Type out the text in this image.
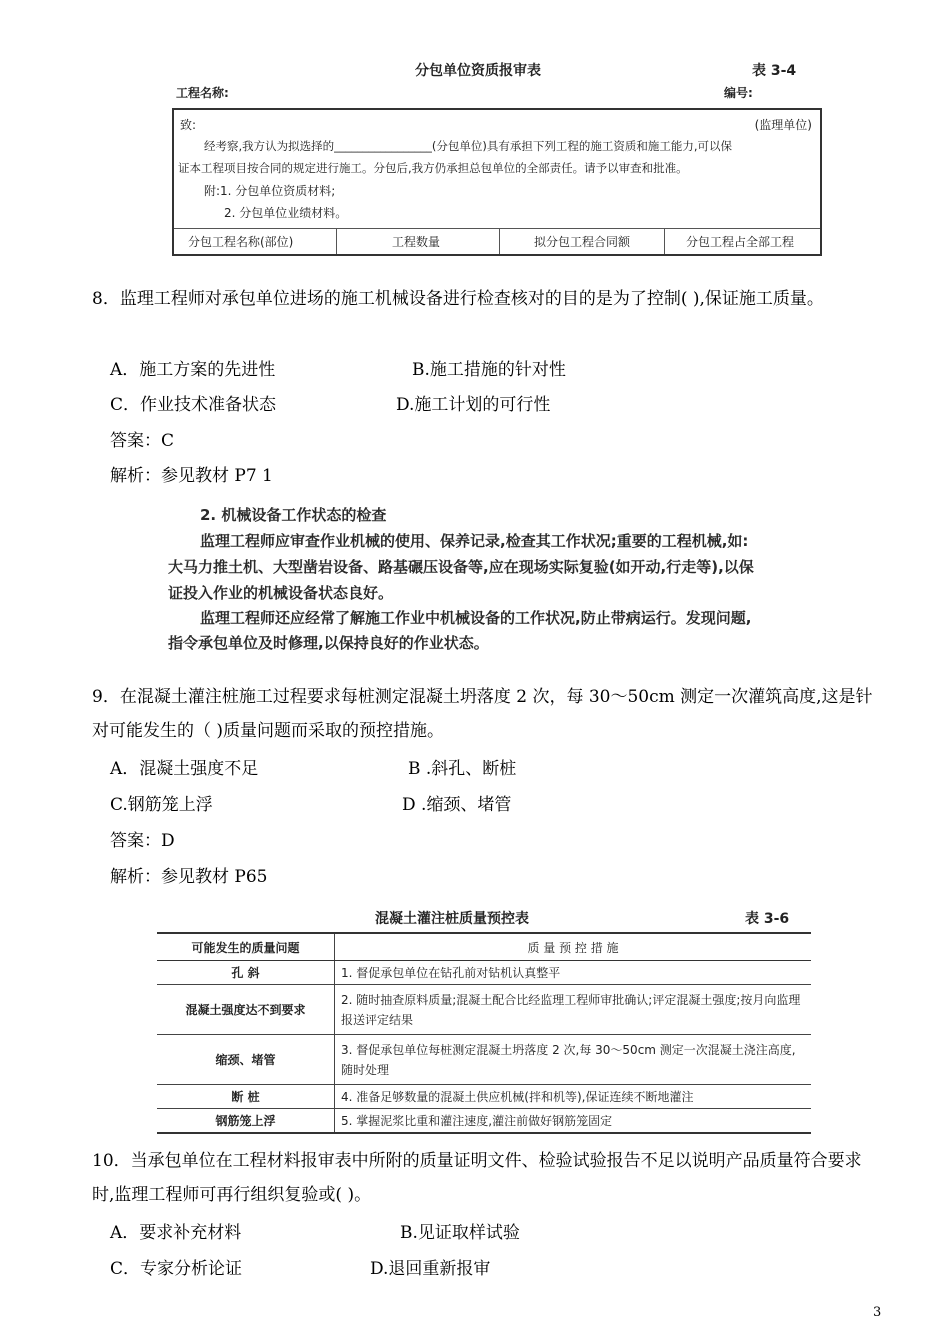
分包单位资质报审表	表 3-4
工程名称:	编号:
致:	(监理单位)
经考察,我方认为拟选择的_________________(分包单位)具有承担下列工程的施工资质和施工能力,可以保
证本工程项目按合同的规定进行施工。分包后,我方仍承担总包单位的全部责任。请予以审查和批准。
附:1. 分包单位资质材料;
2. 分包单位业绩材料。
分包工程名称(部位)	工程数量	拟分包工程合同额	分包工程占全部工程
8．监理工程师对承包单位进场的施工机械设备进行检查核对的目的是为了控制( ),保证施工质量。
A．施工方案的先进性	B.施工措施的针对性
C．作业技术准备状态	D.施工计划的可行性
答案：C
解析：参见教材 P7 1
2. 机械设备工作状态的检查
监理工程师应审查作业机械的使用、保养记录,检查其工作状况;重要的工程机械,如:
大马力推土机、大型凿岩设备、路基碾压设备等,应在现场实际复验(如开动,行走等),以保
证投入作业的机械设备状态良好。
监理工程师还应经常了解施工作业中机械设备的工作状况,防止带病运行。发现问题,
指令承包单位及时修理,以保持良好的作业状态。
9．在混凝土灌注桩施工过程要求每桩测定混凝土坍落度 2 次，每 30～50cm 测定一次灌筑高度,这是针对可能发生的（ )质量问题而采取的预控措施。
A．混凝土强度不足	B .斜孔、断桩
C.钢筋笼上浮	D .缩颈、堵管
答案：D
解析：参见教材 P65
混凝土灌注桩质量预控表	表 3-6
可能发生的质量问题	质 量 预 控 措 施
孔 斜	1. 督促承包单位在钻孔前对钻机认真整平
混凝土强度达不到要求	2. 随时抽查原料质量;混凝土配合比经监理工程师审批确认;评定混凝土强度;按月向监理报送评定结果
缩颈、堵管	3. 督促承包单位每桩测定混凝土坍落度 2 次,每 30～50cm 测定一次混凝土浇注高度,随时处理
断 桩	4. 准备足够数量的混凝土供应机械(拌和机等),保证连续不断地灌注
钢筋笼上浮	5. 掌握泥浆比重和灌注速度,灌注前做好钢筋笼固定
10．当承包单位在工程材料报审表中所附的质量证明文件、检验试验报告不足以说明产品质量符合要求时,监理工程师可再行组织复验或( )。
A．要求补充材料	B.见证取样试验
C．专家分析论证	D.退回重新报审
3
